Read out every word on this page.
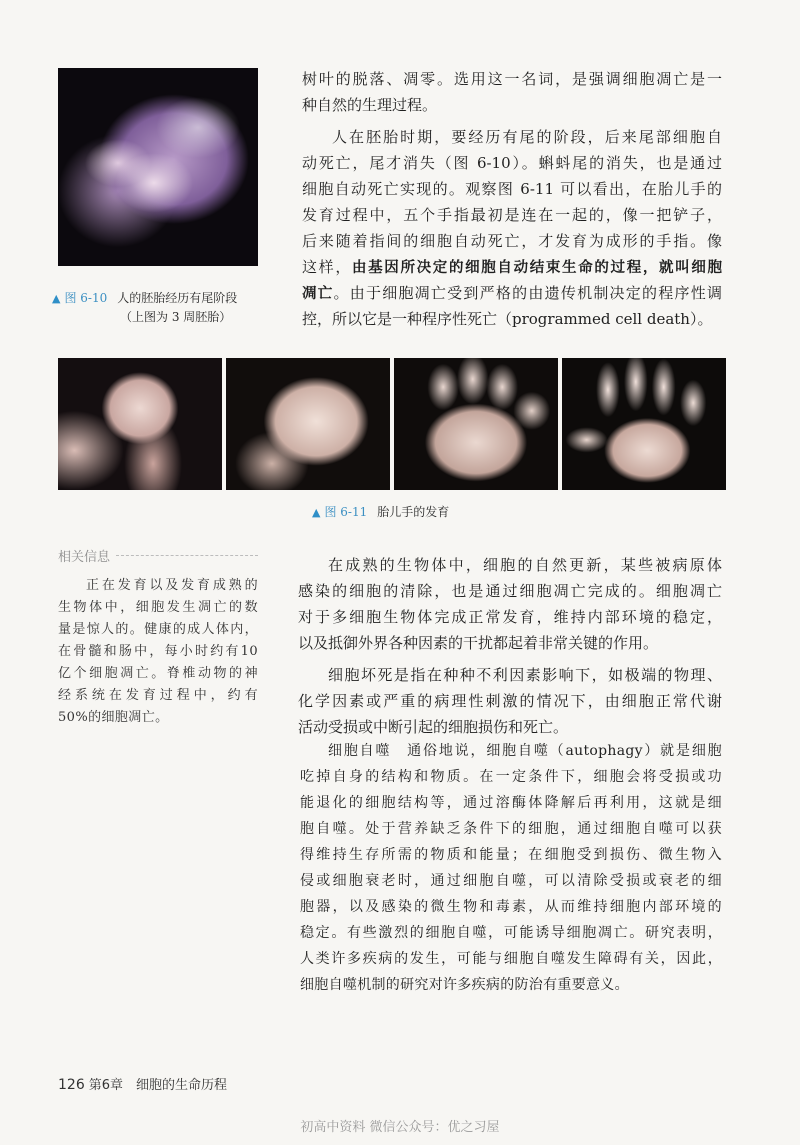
▲ 图 6-10 人的胚胎经历有尾阶段
（上图为 3 周胚胎）
树叶的脱落、凋零。选用这一名词，是强调细胞凋亡是一
种自然的生理过程。
人在胚胎时期，要经历有尾的阶段，后来尾部细胞自
动死亡，尾才消失（图 6-10）。蝌蚪尾的消失，也是通过
细胞自动死亡实现的。观察图 6-11 可以看出，在胎儿手的
发育过程中，五个手指最初是连在一起的，像一把铲子，
后来随着指间的细胞自动死亡，才发育为成形的手指。像
这样，由基因所决定的细胞自动结束生命的过程，就叫细胞
凋亡。由于细胞凋亡受到严格的由遗传机制决定的程序性调
控，所以它是一种程序性死亡（programmed cell death）。
▲ 图 6-11 胎儿手的发育
相关信息
正在发育以及发育成熟的
生物体中，细胞发生凋亡的数
量是惊人的。健康的成人体内，
在骨髓和肠中，每小时约有10
亿个细胞凋亡。脊椎动物的神
经系统在发育过程中，约有
50%的细胞凋亡。
在成熟的生物体中，细胞的自然更新，某些被病原体
感染的细胞的清除，也是通过细胞凋亡完成的。细胞凋亡
对于多细胞生物体完成正常发育，维持内部环境的稳定，
以及抵御外界各种因素的干扰都起着非常关键的作用。
细胞坏死是指在种种不利因素影响下，如极端的物理、
化学因素或严重的病理性刺激的情况下，由细胞正常代谢
活动受损或中断引起的细胞损伤和死亡。
细胞自噬　通俗地说，细胞自噬（autophagy）就是细胞
吃掉自身的结构和物质。在一定条件下，细胞会将受损或功
能退化的细胞结构等，通过溶酶体降解后再利用，这就是细
胞自噬。处于营养缺乏条件下的细胞，通过细胞自噬可以获
得维持生存所需的物质和能量；在细胞受到损伤、微生物入
侵或细胞衰老时，通过细胞自噬，可以清除受损或衰老的细
胞器，以及感染的微生物和毒素，从而维持细胞内部环境的
稳定。有些激烈的细胞自噬，可能诱导细胞凋亡。研究表明，
人类许多疾病的发生，可能与细胞自噬发生障碍有关，因此，
细胞自噬机制的研究对许多疾病的防治有重要意义。
126 第6章　细胞的生命历程
初高中资料 微信公众号：优之习屋
